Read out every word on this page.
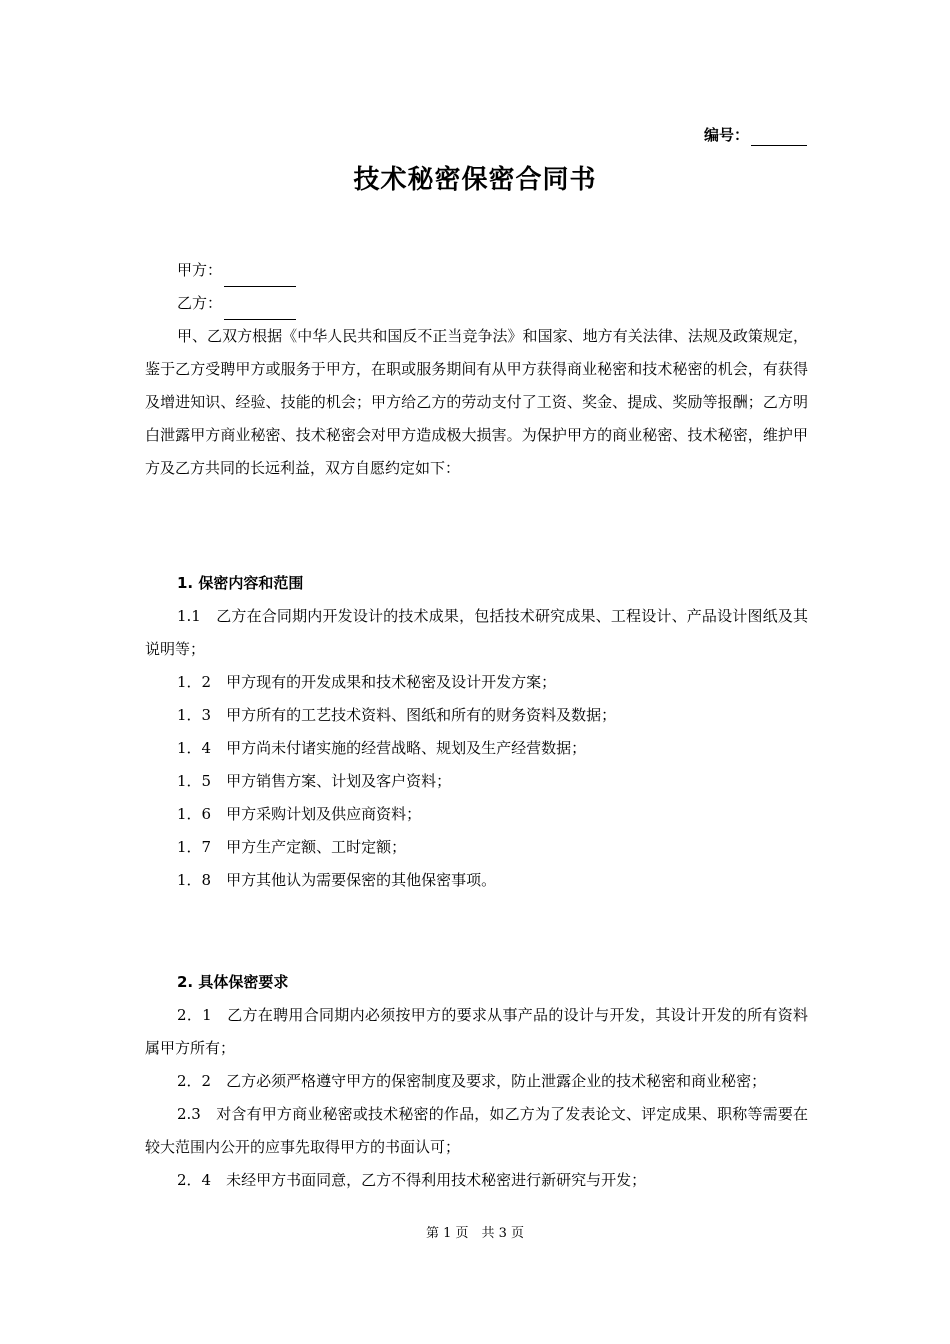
编号：
技术秘密保密合同书

甲方：

乙方：

甲、乙双方根据《中华人民共和国反不正当竞争法》和国家、地方有关法律、法规及政策规定，鉴于乙方受聘甲方或服务于甲方，在职或服务期间有从甲方获得商业秘密和技术秘密的机会，有获得及增进知识、经验、技能的机会；甲方给乙方的劳动支付了工资、奖金、提成、奖励等报酬；乙方明白泄露甲方商业秘密、技术秘密会对甲方造成极大损害。为保护甲方的商业秘密、技术秘密，维护甲方及乙方共同的长远利益，双方自愿约定如下：

1. 保密内容和范围

1.1　乙方在合同期内开发设计的技术成果，包括技术研究成果、工程设计、产品设计图纸及其说明等；

1．2　甲方现有的开发成果和技术秘密及设计开发方案；

1．3　甲方所有的工艺技术资料、图纸和所有的财务资料及数据；

1．4　甲方尚未付诸实施的经营战略、规划及生产经营数据；

1．5　甲方销售方案、计划及客户资料；

1．6　甲方采购计划及供应商资料；

1．7　甲方生产定额、工时定额；

1．8　甲方其他认为需要保密的其他保密事项。

2. 具体保密要求

2．1　乙方在聘用合同期内必须按甲方的要求从事产品的设计与开发，其设计开发的所有资料属甲方所有；

2．2　乙方必须严格遵守甲方的保密制度及要求，防止泄露企业的技术秘密和商业秘密；

2.3　对含有甲方商业秘密或技术秘密的作品，如乙方为了发表论文、评定成果、职称等需要在较大范围内公开的应事先取得甲方的书面认可；

2．4　未经甲方书面同意，乙方不得利用技术秘密进行新研究与开发；

第 1 页　共 3 页
